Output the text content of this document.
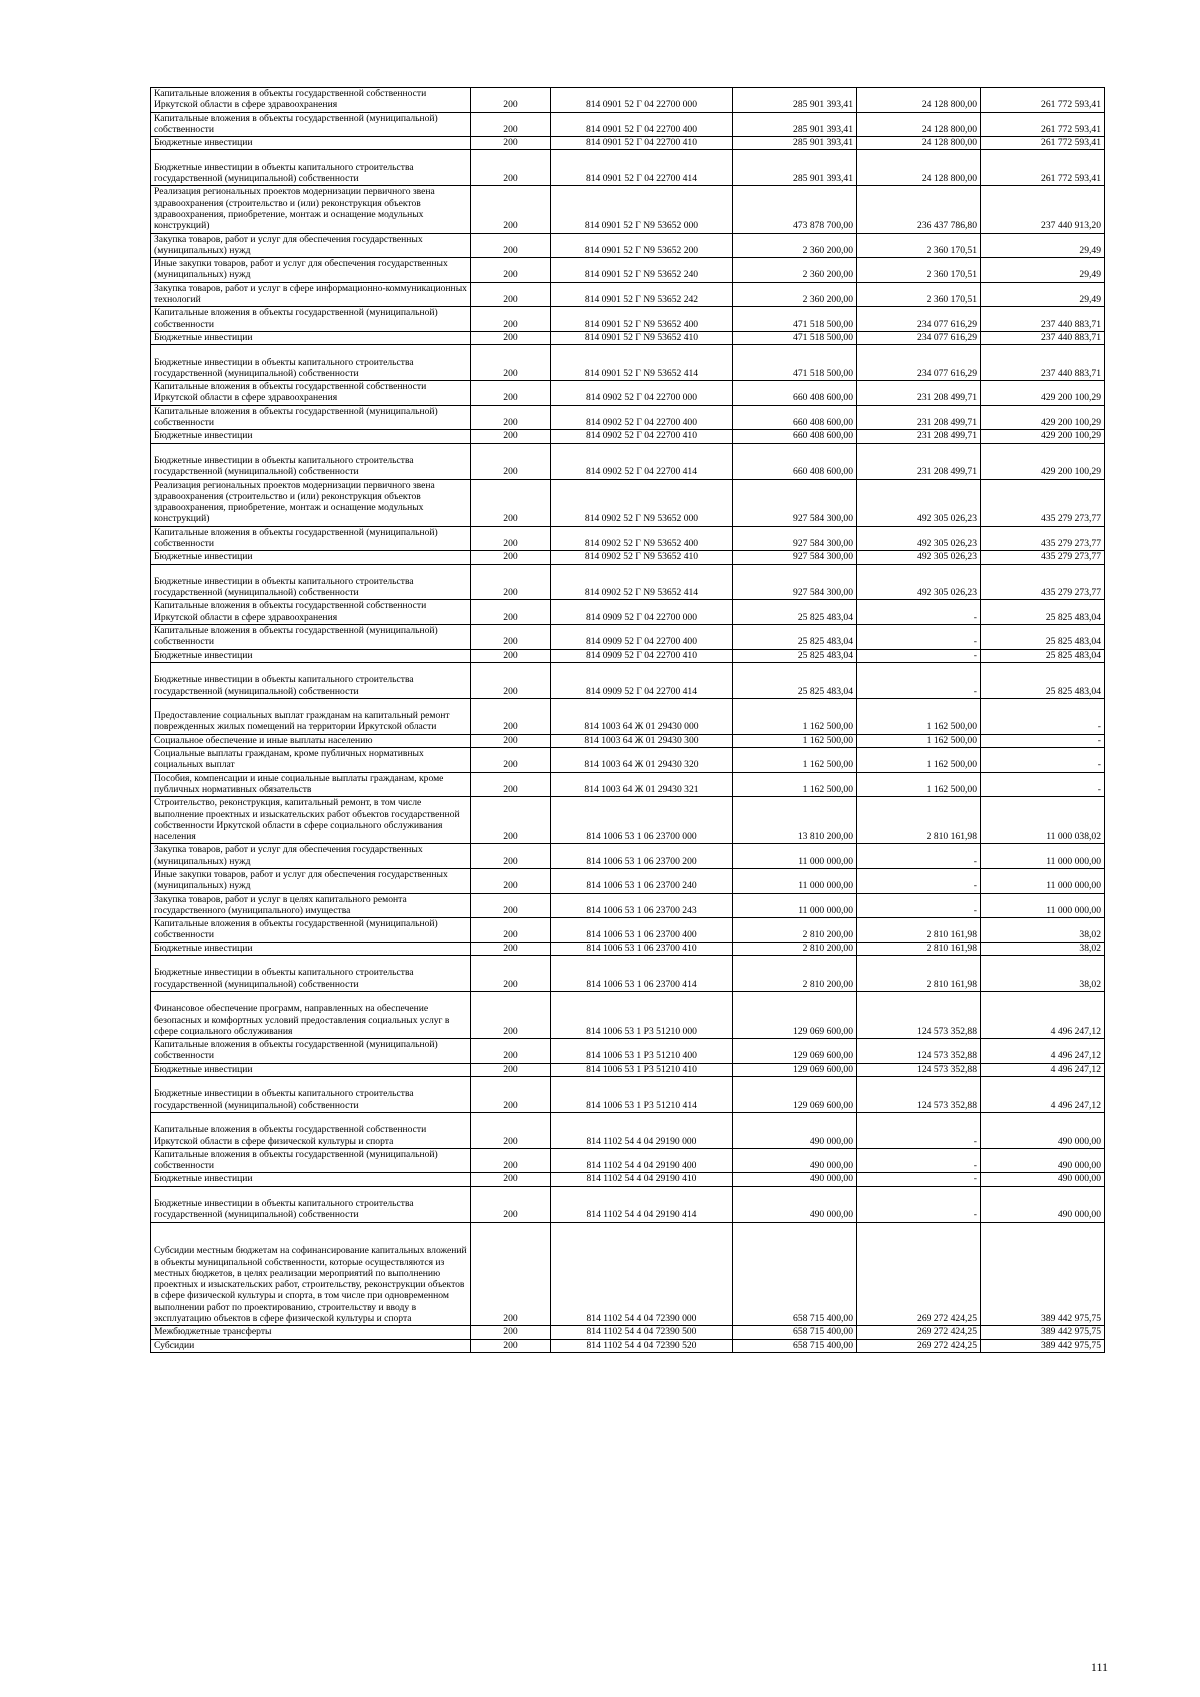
Капитальные вложения в объекты государственной собственности Иркутской области в сфере здравоохранения	200	814 0901 52 Г 04 22700 000	285 901 393,41	24 128 800,00	261 772 593,41
Капитальные вложения в объекты государственной (муниципальной) собственности	200	814 0901 52 Г 04 22700 400	285 901 393,41	24 128 800,00	261 772 593,41
Бюджетные инвестиции	200	814 0901 52 Г 04 22700 410	285 901 393,41	24 128 800,00	261 772 593,41
Бюджетные инвестиции в объекты капитального строительства государственной (муниципальной) собственности	200	814 0901 52 Г 04 22700 414	285 901 393,41	24 128 800,00	261 772 593,41
Реализация региональных проектов модернизации первичного звена здравоохранения (строительство и (или) реконструкция объектов здравоохранения, приобретение, монтаж и оснащение модульных конструкций)	200	814 0901 52 Г N9 53652 000	473 878 700,00	236 437 786,80	237 440 913,20
Закупка товаров, работ и услуг для обеспечения государственных (муниципальных) нужд	200	814 0901 52 Г N9 53652 200	2 360 200,00	2 360 170,51	29,49
Иные закупки товаров, работ и услуг для обеспечения государственных (муниципальных) нужд	200	814 0901 52 Г N9 53652 240	2 360 200,00	2 360 170,51	29,49
Закупка товаров, работ и услуг в сфере информационно-коммуникационных технологий	200	814 0901 52 Г N9 53652 242	2 360 200,00	2 360 170,51	29,49
Капитальные вложения в объекты государственной (муниципальной) собственности	200	814 0901 52 Г N9 53652 400	471 518 500,00	234 077 616,29	237 440 883,71
Бюджетные инвестиции	200	814 0901 52 Г N9 53652 410	471 518 500,00	234 077 616,29	237 440 883,71
Бюджетные инвестиции в объекты капитального строительства государственной (муниципальной) собственности	200	814 0901 52 Г N9 53652 414	471 518 500,00	234 077 616,29	237 440 883,71
Капитальные вложения в объекты государственной собственности Иркутской области в сфере здравоохранения	200	814 0902 52 Г 04 22700 000	660 408 600,00	231 208 499,71	429 200 100,29
Капитальные вложения в объекты государственной (муниципальной) собственности	200	814 0902 52 Г 04 22700 400	660 408 600,00	231 208 499,71	429 200 100,29
Бюджетные инвестиции	200	814 0902 52 Г 04 22700 410	660 408 600,00	231 208 499,71	429 200 100,29
Бюджетные инвестиции в объекты капитального строительства государственной (муниципальной) собственности	200	814 0902 52 Г 04 22700 414	660 408 600,00	231 208 499,71	429 200 100,29
Реализация региональных проектов модернизации первичного звена здравоохранения (строительство и (или) реконструкция объектов здравоохранения, приобретение, монтаж и оснащение модульных конструкций)	200	814 0902 52 Г N9 53652 000	927 584 300,00	492 305 026,23	435 279 273,77
Капитальные вложения в объекты государственной (муниципальной) собственности	200	814 0902 52 Г N9 53652 400	927 584 300,00	492 305 026,23	435 279 273,77
Бюджетные инвестиции	200	814 0902 52 Г N9 53652 410	927 584 300,00	492 305 026,23	435 279 273,77
Бюджетные инвестиции в объекты капитального строительства государственной (муниципальной) собственности	200	814 0902 52 Г N9 53652 414	927 584 300,00	492 305 026,23	435 279 273,77
Капитальные вложения в объекты государственной собственности Иркутской области в сфере здравоохранения	200	814 0909 52 Г 04 22700 000	25 825 483,04	-	25 825 483,04
Капитальные вложения в объекты государственной (муниципальной) собственности	200	814 0909 52 Г 04 22700 400	25 825 483,04	-	25 825 483,04
Бюджетные инвестиции	200	814 0909 52 Г 04 22700 410	25 825 483,04	-	25 825 483,04
Бюджетные инвестиции в объекты капитального строительства государственной (муниципальной) собственности	200	814 0909 52 Г 04 22700 414	25 825 483,04	-	25 825 483,04
Предоставление социальных выплат гражданам на капитальный ремонт поврежденных жилых помещений на территории Иркутской области	200	814 1003 64 Ж 01 29430 000	1 162 500,00	1 162 500,00	-
Социальное обеспечение и иные выплаты населению	200	814 1003 64 Ж 01 29430 300	1 162 500,00	1 162 500,00	-
Социальные выплаты гражданам, кроме публичных нормативных социальных выплат	200	814 1003 64 Ж 01 29430 320	1 162 500,00	1 162 500,00	-
Пособия, компенсации и иные социальные выплаты гражданам, кроме публичных нормативных обязательств	200	814 1003 64 Ж 01 29430 321	1 162 500,00	1 162 500,00	-
Строительство, реконструкция, капитальный ремонт, в том числе выполнение проектных и изыскательских работ объектов государственной собственности Иркутской области в сфере социального обслуживания населения	200	814 1006 53 1 06 23700 000	13 810 200,00	2 810 161,98	11 000 038,02
Закупка товаров, работ и услуг для обеспечения государственных (муниципальных) нужд	200	814 1006 53 1 06 23700 200	11 000 000,00	-	11 000 000,00
Иные закупки товаров, работ и услуг для обеспечения государственных (муниципальных) нужд	200	814 1006 53 1 06 23700 240	11 000 000,00	-	11 000 000,00
Закупка товаров, работ и услуг в целях капитального ремонта государственного (муниципального) имущества	200	814 1006 53 1 06 23700 243	11 000 000,00	-	11 000 000,00
Капитальные вложения в объекты государственной (муниципальной) собственности	200	814 1006 53 1 06 23700 400	2 810 200,00	2 810 161,98	38,02
Бюджетные инвестиции	200	814 1006 53 1 06 23700 410	2 810 200,00	2 810 161,98	38,02
Бюджетные инвестиции в объекты капитального строительства государственной (муниципальной) собственности	200	814 1006 53 1 06 23700 414	2 810 200,00	2 810 161,98	38,02
Финансовое обеспечение программ, направленных на обеспечение безопасных и комфортных условий предоставления социальных услуг в сфере социального обслуживания	200	814 1006 53 1 P3 51210 000	129 069 600,00	124 573 352,88	4 496 247,12
Капитальные вложения в объекты государственной (муниципальной) собственности	200	814 1006 53 1 P3 51210 400	129 069 600,00	124 573 352,88	4 496 247,12
Бюджетные инвестиции	200	814 1006 53 1 P3 51210 410	129 069 600,00	124 573 352,88	4 496 247,12
Бюджетные инвестиции в объекты капитального строительства государственной (муниципальной) собственности	200	814 1006 53 1 P3 51210 414	129 069 600,00	124 573 352,88	4 496 247,12
Капитальные вложения в объекты государственной собственности Иркутской области в сфере физической культуры и спорта	200	814 1102 54 4 04 29190 000	490 000,00	-	490 000,00
Капитальные вложения в объекты государственной (муниципальной) собственности	200	814 1102 54 4 04 29190 400	490 000,00	-	490 000,00
Бюджетные инвестиции	200	814 1102 54 4 04 29190 410	490 000,00	-	490 000,00
Бюджетные инвестиции в объекты капитального строительства государственной (муниципальной) собственности	200	814 1102 54 4 04 29190 414	490 000,00	-	490 000,00
Субсидии местным бюджетам на софинансирование капитальных вложений в объекты муниципальной собственности, которые осуществляются из местных бюджетов, в целях реализации мероприятий по выполнению проектных и изыскательских работ, строительству, реконструкции объектов в сфере физической культуры и спорта, в том числе при одновременном выполнении работ по проектированию, строительству и вводу в эксплуатацию объектов в сфере физической культуры и спорта	200	814 1102 54 4 04 72390 000	658 715 400,00	269 272 424,25	389 442 975,75
Межбюджетные трансферты	200	814 1102 54 4 04 72390 500	658 715 400,00	269 272 424,25	389 442 975,75
Субсидии	200	814 1102 54 4 04 72390 520	658 715 400,00	269 272 424,25	389 442 975,75
111
